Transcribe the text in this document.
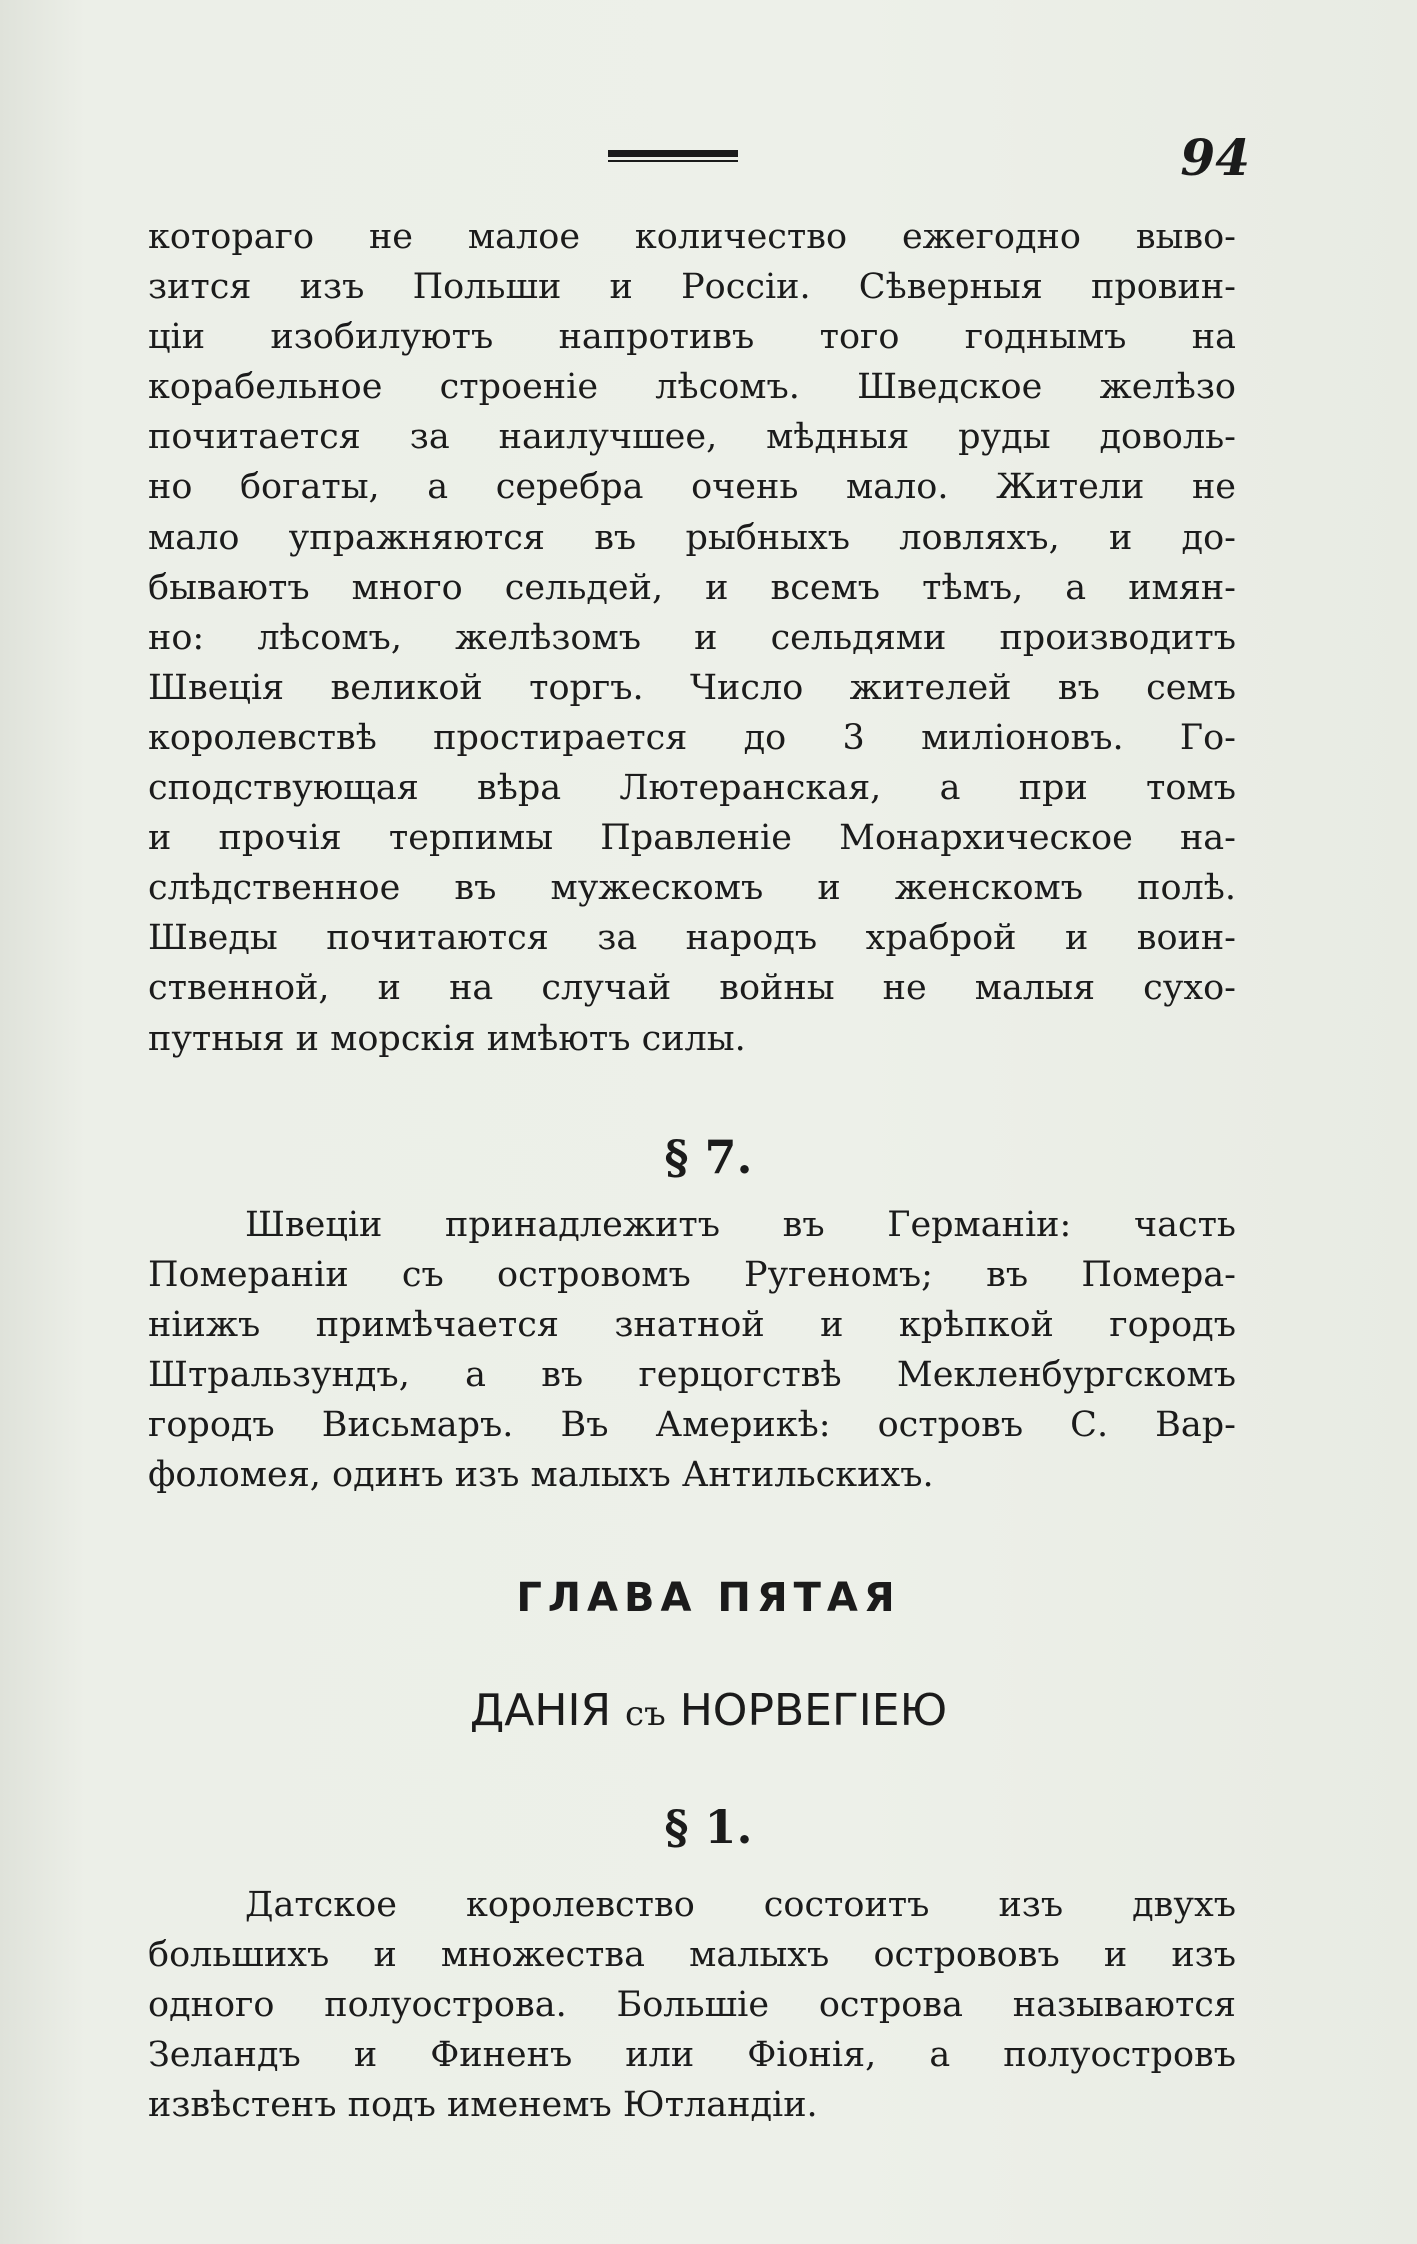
94
котораго не малое количество ежегодно выво-
зится изъ Польши и Россiи. Сѣверныя провин-
цiи изобилуютъ напротивъ того годнымъ на
корабельное строенiе лѣсомъ. Шведское желѣзо
почитается за наилучшее, мѣдныя руды доволь-
но богаты, а серебра очень мало. Жители не
мало упражняются въ рыбныхъ ловляхъ, и до-
бываютъ много сельдей, и всемъ тѣмъ, а имян-
но: лѣсомъ, желѣзомъ и сельдями производитъ
Швецiя великой торгъ. Число жителей въ семъ
королевствѣ простирается до 3 милiоновъ. Го-
сподствующая вѣра Лютеранская, а при томъ
и прочiя терпимы Правленiе Монархическое на-
слѣдственное въ мужескомъ и женскомъ полѣ.
Шведы почитаются за народъ храброй и воин-
ственной, и на случай войны не малыя сухо-
путныя и морскiя имѣютъ силы.
§ 7.
Швецiи принадлежитъ въ Германiи: часть
Померанiи съ островомъ Ругеномъ; въ Помера-
нiижъ примѣчается знатной и крѣпкой городъ
Штральзундъ, а въ герцогствѣ Мекленбургскомъ
городъ Висьмаръ. Въ Америкѣ: островъ С. Вар-
фоломея, одинъ изъ малыхъ Антильскихъ.
ГЛАВА ПЯТАЯ
ДАНIЯ съ НОРВЕГIЕЮ
§ 1.
Датское королевство состоитъ изъ двухъ
большихъ и множества малыхъ острововъ и изъ
одного полуострова. Большiе острова называются
Зеландъ и Финенъ или Фiонiя, а полуостровъ
извѣстенъ подъ именемъ Ютландiи.
